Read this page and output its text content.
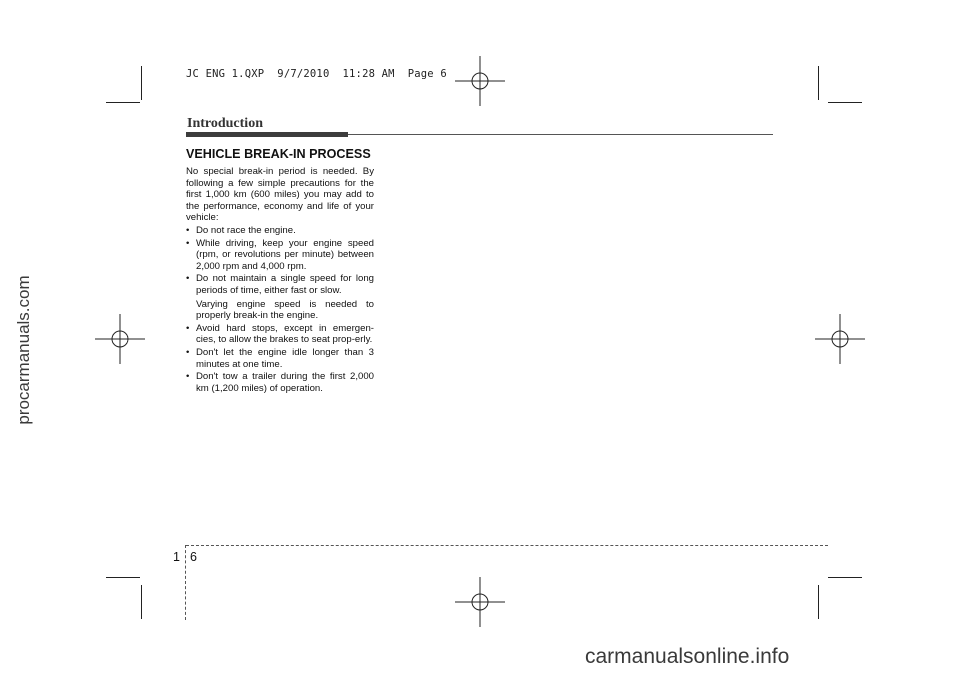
JC ENG 1.QXP  9/7/2010  11:28 AM  Page 6
procarmanuals.com
Introduction
VEHICLE BREAK-IN PROCESS
No special break-in period is needed. By following a few simple precautions for the first 1,000 km (600 miles) you may add to the performance, economy and life of your vehicle:
• Do not race the engine.
• While driving, keep your engine speed (rpm, or revolutions per minute) between 2,000 rpm and 4,000 rpm.
• Do not maintain a single speed for long periods of time, either fast or slow.
Varying engine speed is needed to properly break-in the engine.
• Avoid hard stops, except in emergen-cies, to allow the brakes to seat prop-erly.
• Don't let the engine idle longer than 3 minutes at one time.
• Don't tow a trailer during the first 2,000 km (1,200 miles) of operation.
1 6
carmanualsonline.info
